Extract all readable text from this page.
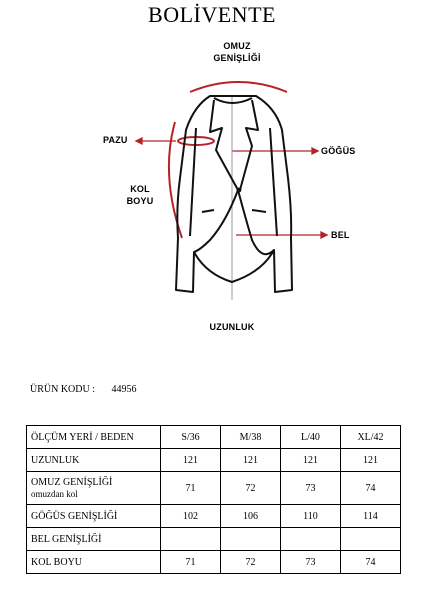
BOLİVENTE
OMUZ
GENİŞLİĞİ
PAZU
GÖĞÜS
KOL
BOYU
BEL
UZUNLUK
ÜRÜN KODU : 44956
ÖLÇÜM YERİ / BEDEN	S/36	M/38	L/40	XL/42
UZUNLUK	121	121	121	121
OMUZ GENİŞLİĞİ
omuzdan kol	71	72	73	74
GÖĞÜS GENİŞLİĞİ	102	106	110	114
BEL GENİŞLİĞİ				
KOL BOYU	71	72	73	74
